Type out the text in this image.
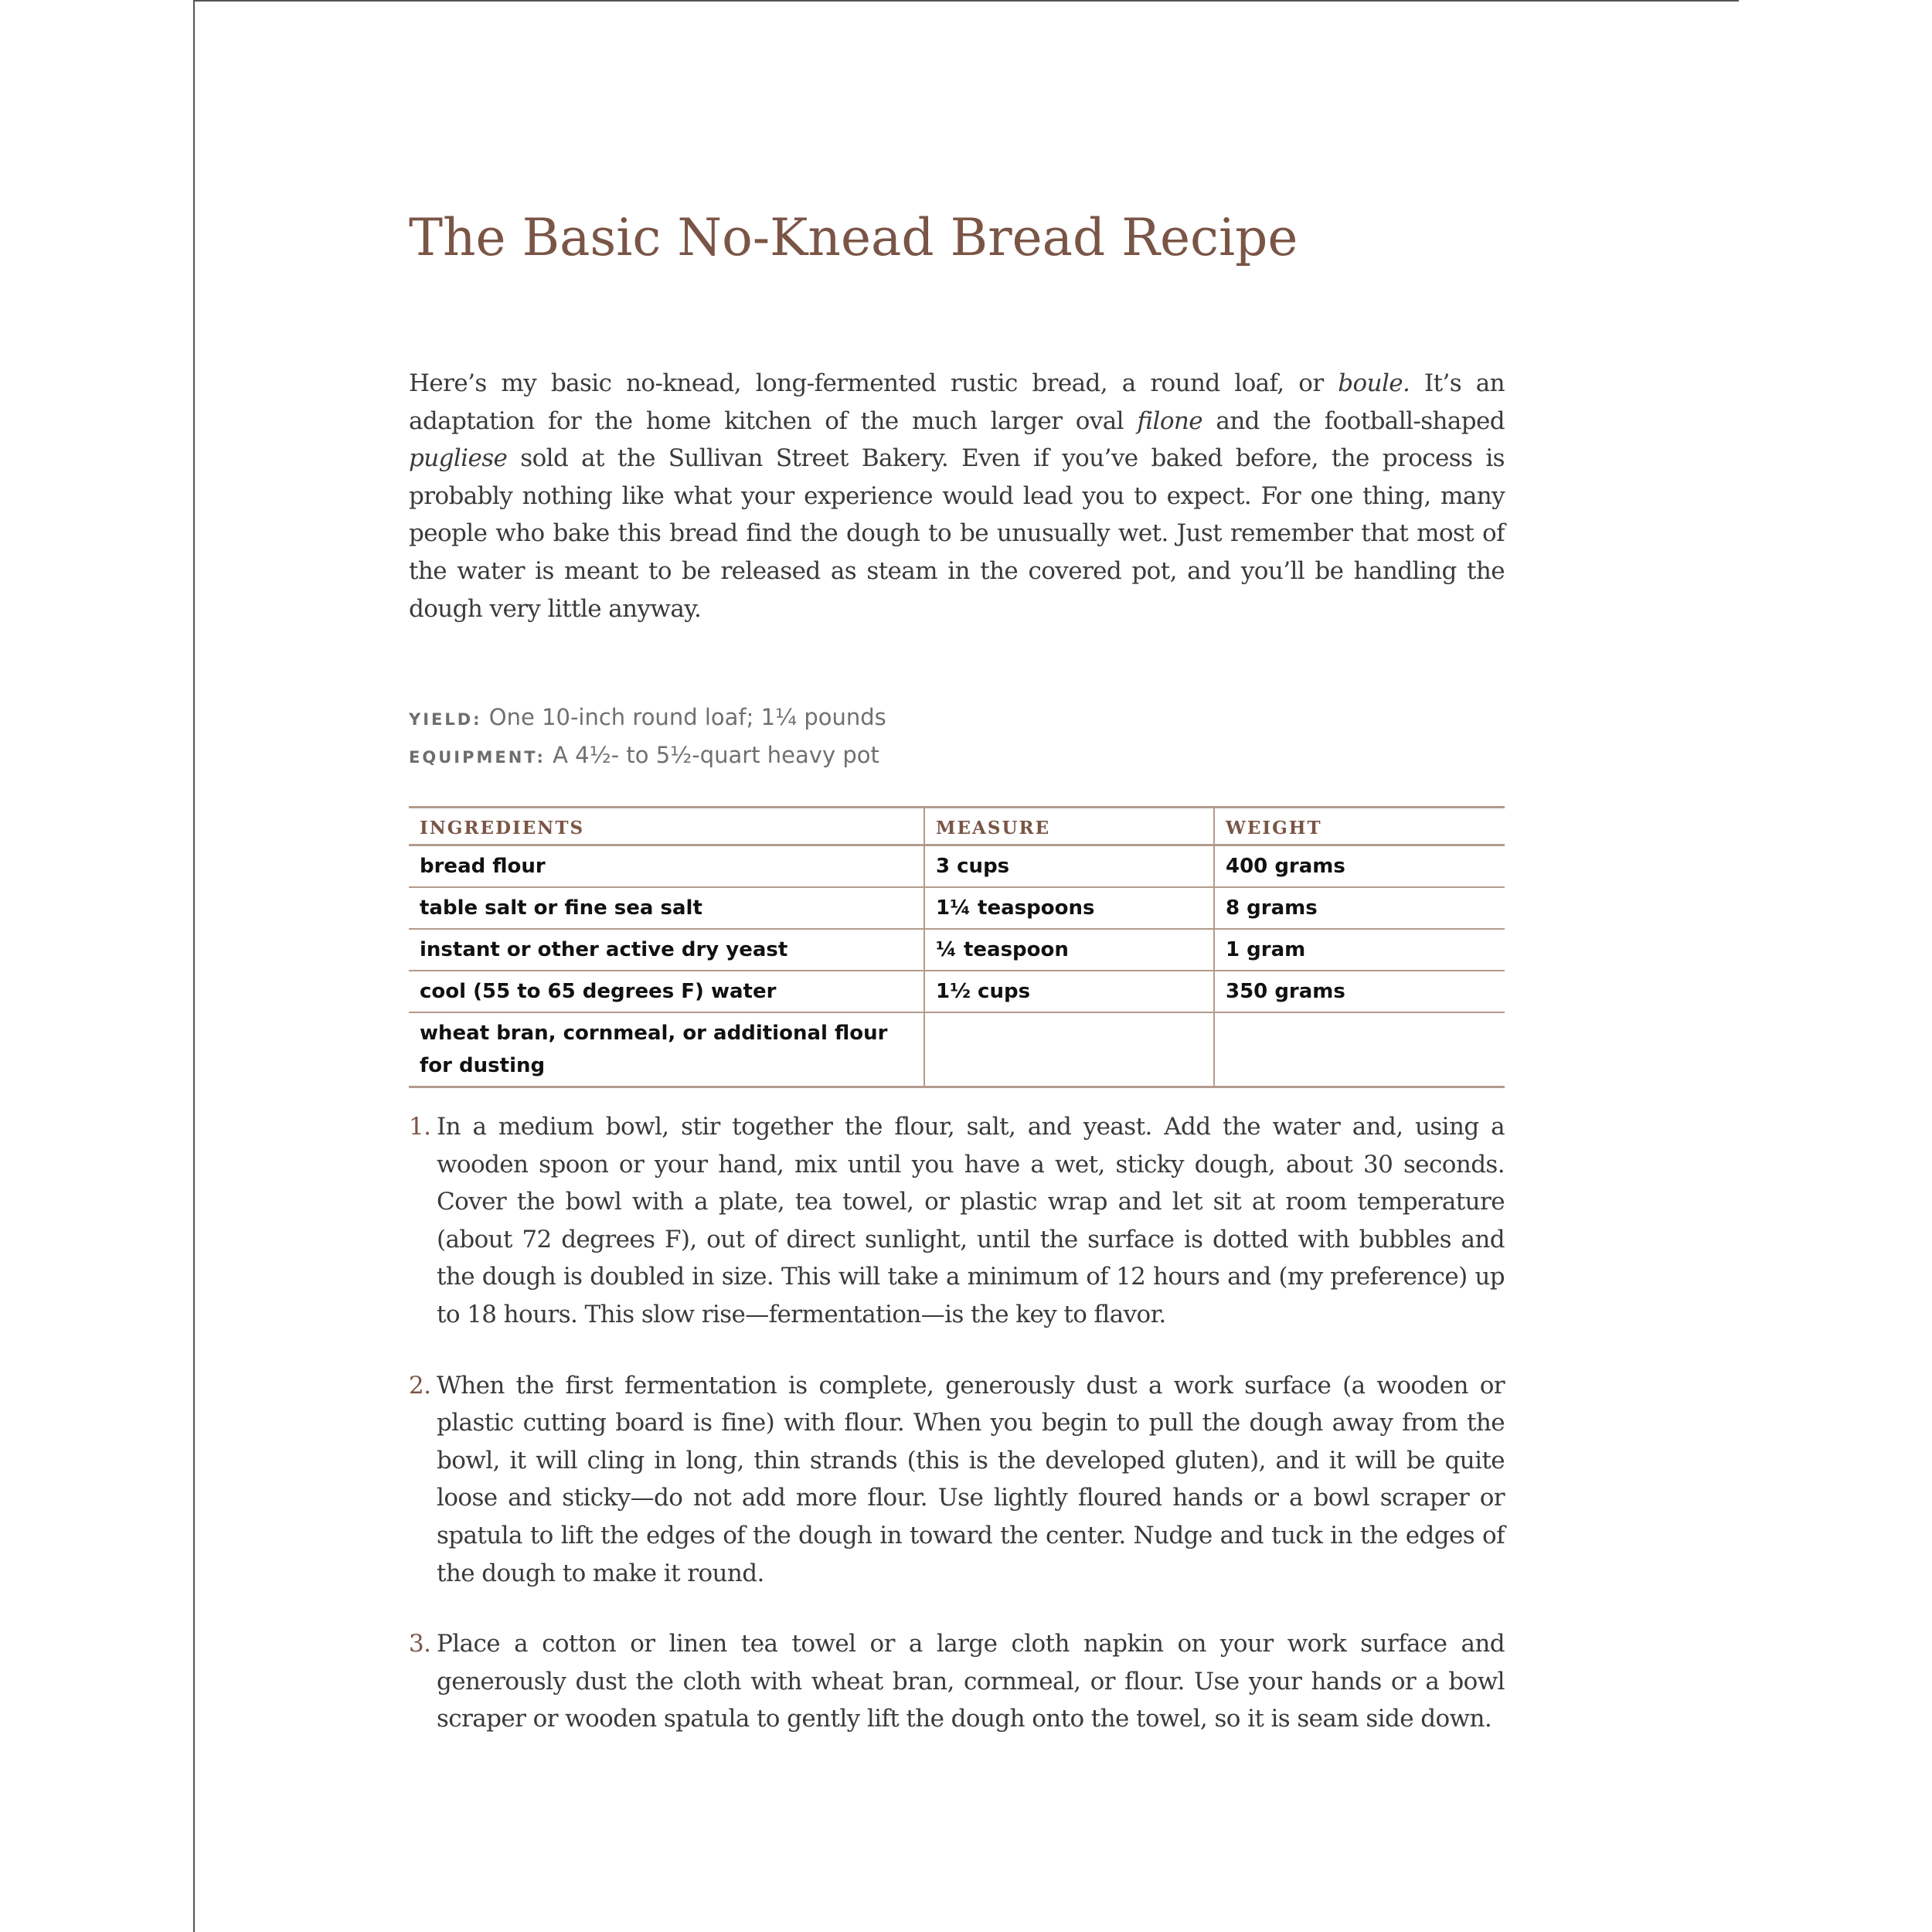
The Basic No-Knead Bread Recipe

Here’s my basic no-knead, long-fermented rustic bread, a round loaf, or boule. It’s an adaptation for the home kitchen of the much larger oval filone and the football-shaped pugliese sold at the Sullivan Street Bakery. Even if you’ve baked before, the process is probably nothing like what your experience would lead you to expect. For one thing, many people who bake this bread find the dough to be unusually wet. Just remember that most of the water is meant to be released as steam in the covered pot, and you’ll be handling the dough very little anyway.

YIELD: One 10-inch round loaf; 1¼ pounds
EQUIPMENT: A 4½- to 5½-quart heavy pot
INGREDIENTS	MEASURE	WEIGHT
bread flour	3 cups	400 grams
table salt or fine sea salt	1¼ teaspoons	8 grams
instant or other active dry yeast	¼ teaspoon	1 gram
cool (55 to 65 degrees F) water	1½ cups	350 grams
wheat bran, cornmeal, or additional flour for dusting		
1. In a medium bowl, stir together the flour, salt, and yeast. Add the water and, using a wooden spoon or your hand, mix until you have a wet, sticky dough, about 30 seconds. Cover the bowl with a plate, tea towel, or plastic wrap and let sit at room temperature (about 72 degrees F), out of direct sunlight, until the surface is dotted with bubbles and the dough is doubled in size. This will take a minimum of 12 hours and (my preference) up to 18 hours. This slow rise—fermentation—is the key to flavor.
2. When the first fermentation is complete, generously dust a work surface (a wooden or plastic cutting board is fine) with flour. When you begin to pull the dough away from the bowl, it will cling in long, thin strands (this is the developed gluten), and it will be quite loose and sticky—do not add more flour. Use lightly floured hands or a bowl scraper or spatula to lift the edges of the dough in toward the center. Nudge and tuck in the edges of the dough to make it round.
3. Place a cotton or linen tea towel or a large cloth napkin on your work surface and generously dust the cloth with wheat bran, cornmeal, or flour. Use your hands or a bowl scraper or wooden spatula to gently lift the dough onto the towel, so it is seam side down.
